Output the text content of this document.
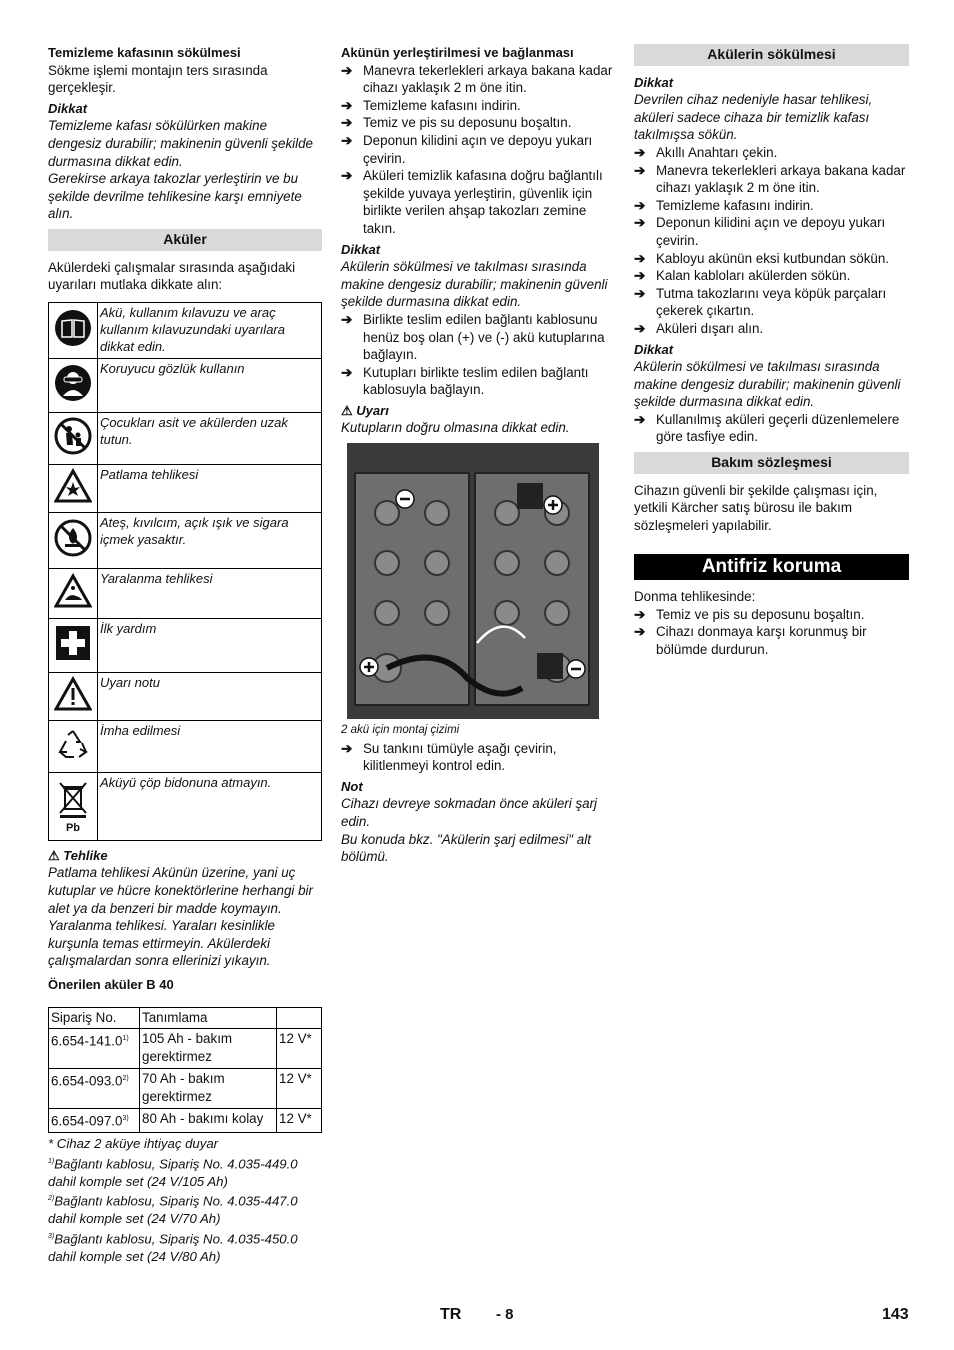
Temizleme kafasının sökülmesi

Sökme işlemi montajın ters sırasında gerçekleşir.

Dikkat

Temizleme kafası sökülürken makine dengesiz durabilir; makinenin güvenli şekilde durmasına dikkat edin.

Gerekirse arkaya takozlar yerleştirin ve bu şekilde devrilme tehlikesine karşı emniyete alın.

Aküler

Akülerdeki çalışmalar sırasında aşağıdaki uyarıları mutlaka dikkate alın:

	Akü, kullanım kılavuzu ve araç kullanım kılavuzundaki uyarılara dikkat edin.
	Koruyucu gözlük kullanın
	Çocukları asit ve akülerden uzak tutun.
	Patlama tehlikesi
	Ateş, kıvılcım, açık ışık ve sigara içmek yasaktır.
	Yaralanma tehlikesi
	İlk yardım
	Uyarı notu
	İmha edilmesi

Pb	Aküyü çöp bidonuna atmayın.

⚠ Tehlike

Patlama tehlikesi Akünün üzerine, yani uç kutuplar ve hücre konektörlerine herhangi bir alet ya da benzeri bir madde koymayın. Yaralanma tehlikesi. Yaraları kesinlikle kurşunla temas ettirmeyin. Akülerdeki çalışmalardan sonra ellerinizi yıkayın.

Önerilen aküler B 40

Sipariş No.	Tanımlama	
6.654-141.0$^{1)}$	105 Ah - bakım gerektirmez	12 V*
6.654-093.0$^{2)}$	70 Ah - bakım gerektirmez	12 V*
6.654-097.0$^{3)}$	80 Ah - bakımı kolay	12 V*

* Cihaz 2 aküye ihtiyaç duyar

$^{1)}$Bağlantı kablosu, Sipariş No. 4.035-449.0 dahil komple set (24 V/105 Ah)

$^{2)}$Bağlantı kablosu, Sipariş No. 4.035-447.0 dahil komple set (24 V/70 Ah)

$^{3)}$Bağlantı kablosu, Sipariş No. 4.035-450.0 dahil komple set (24 V/80 Ah)

Akünün yerleştirilmesi ve bağlanması

➔ Manevra tekerlekleri arkaya bakana kadar cihazı yaklaşık 2 m öne itin.
➔ Temizleme kafasını indirin.
➔ Temiz ve pis su deposunu boşaltın.
➔ Deponun kilidini açın ve depoyu yukarı çevirin.
➔ Aküleri temizlik kafasına doğru bağlantılı şekilde yuvaya yerleştirin, güvenlik için birlikte verilen ahşap takozları zemine takın.

Dikkat

Akülerin sökülmesi ve takılması sırasında makine dengesiz durabilir; makinenin güvenli şekilde durmasına dikkat edin.

➔ Birlikte teslim edilen bağlantı kablosunu henüz boş olan (+) ve (-) akü kutuplarına bağlayın.
➔ Kutupları birlikte teslim edilen bağlantı kablosuyla bağlayın.

⚠ Uyarı

Kutupların doğru olmasına dikkat edin.

2 akü için montaj çizimi

➔ Su tankını tümüyle aşağı çevirin, kilitlenmeyi kontrol edin.

Not

Cihazı devreye sokmadan önce aküleri şarj edin.

Bu konuda bkz. "Akülerin şarj edilmesi" alt bölümü.

Akülerin sökülmesi

Dikkat

Devrilen cihaz nedeniyle hasar tehlikesi, aküleri sadece cihaza bir temizlik kafası takılmışsa sökün.

➔ Akıllı Anahtarı çekin.
➔ Manevra tekerlekleri arkaya bakana kadar cihazı yaklaşık 2 m öne itin.
➔ Temizleme kafasını indirin.
➔ Deponun kilidini açın ve depoyu yukarı çevirin.
➔ Kabloyu akünün eksi kutbundan sökün.
➔ Kalan kabloları akülerden sökün.
➔ Tutma takozlarını veya köpük parçaları çekerek çıkartın.
➔ Aküleri dışarı alın.

Dikkat

Akülerin sökülmesi ve takılması sırasında makine dengesiz durabilir; makinenin güvenli şekilde durmasına dikkat edin.

➔ Kullanılmış aküleri geçerli düzenlemelere göre tasfiye edin.
Bakım sözleşmesi

Cihazın güvenli bir şekilde çalışması için, yetkili Kärcher satış bürosu ile bakım sözleşmeleri yapılabilir.

Antifriz koruma

Donma tehlikesinde:

➔ Temiz ve pis su deposunu boşaltın.
➔ Cihazı donmaya karşı korunmuş bir bölümde durdurun.
TR - 8	143
